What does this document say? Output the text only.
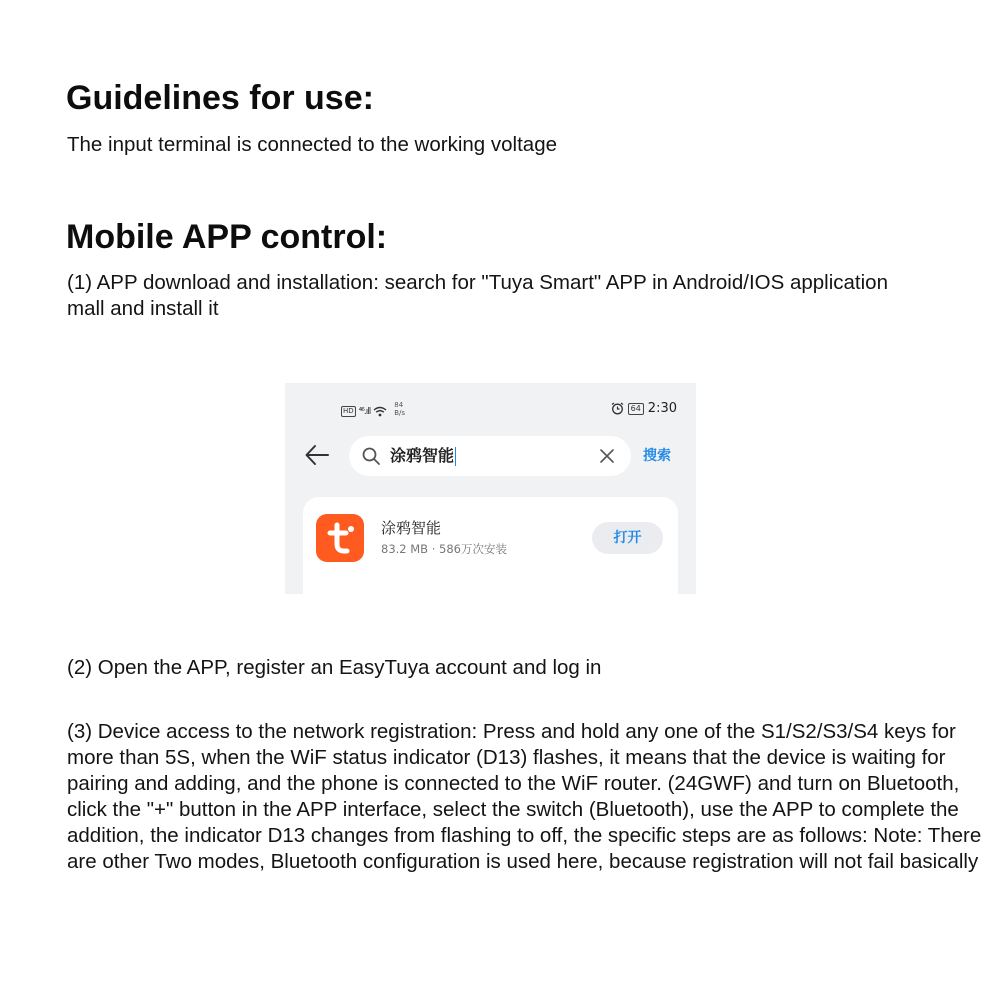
Guidelines for use:

The input terminal is connected to the working voltage

Mobile APP control:

(1) APP download and installation: search for "Tuya Smart" APP in Android/IOS application mall and install it

HD ⁴⁶.ıll
84
B/s
64 2:30
涂鸦智能	搜索
涂鸦智能
83.2 MB · 586万次安装
打开

(2) Open the APP, register an EasyTuya account and log in

(3) Device access to the network registration: Press and hold any one of the S1/S2/S3/S4 keys for more than 5S, when the WiF status indicator (D13) flashes, it means that the device is waiting for pairing and adding, and the phone is connected to the WiF router. (24GWF) and turn on Bluetooth, click the "+" button in the APP interface, select the switch (Bluetooth), use the APP to complete the addition, the indicator D13 changes from flashing to off, the specific steps are as follows: Note: There are other Two modes, Bluetooth configuration is used here, because registration will not fail basically
